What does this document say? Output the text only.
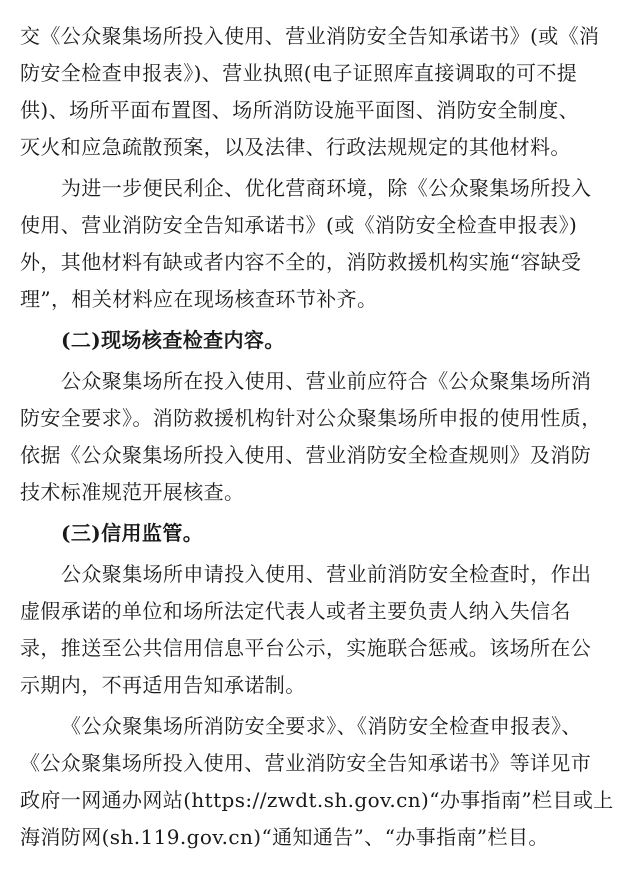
交《公众聚集场所投入使用、营业消防安全告知承诺书》(或《消
防安全检查申报表》)、营业执照(电子证照库直接调取的可不提
供)、场所平面布置图、场所消防设施平面图、消防安全制度、
灭火和应急疏散预案，以及法律、行政法规规定的其他材料。
为进一步便民利企、优化营商环境，除《公众聚集场所投入
使用、营业消防安全告知承诺书》(或《消防安全检查申报表》)
外，其他材料有缺或者内容不全的，消防救援机构实施“容缺受
理”，相关材料应在现场核查环节补齐。
(二)现场核查检查内容。
公众聚集场所在投入使用、营业前应符合《公众聚集场所消
防安全要求》。消防救援机构针对公众聚集场所申报的使用性质，
依据《公众聚集场所投入使用、营业消防安全检查规则》及消防
技术标准规范开展核查。
(三)信用监管。
公众聚集场所申请投入使用、营业前消防安全检查时，作出
虚假承诺的单位和场所法定代表人或者主要负责人纳入失信名
录，推送至公共信用信息平台公示，实施联合惩戒。该场所在公
示期内，不再适用告知承诺制。
《公众聚集场所消防安全要求》、《消防安全检查申报表》、
《公众聚集场所投入使用、营业消防安全告知承诺书》等详见市
政府一网通办网站(https://zwdt.sh.gov.cn)“办事指南”栏目或上
海消防网(sh.119.gov.cn)“通知通告”、“办事指南”栏目。
